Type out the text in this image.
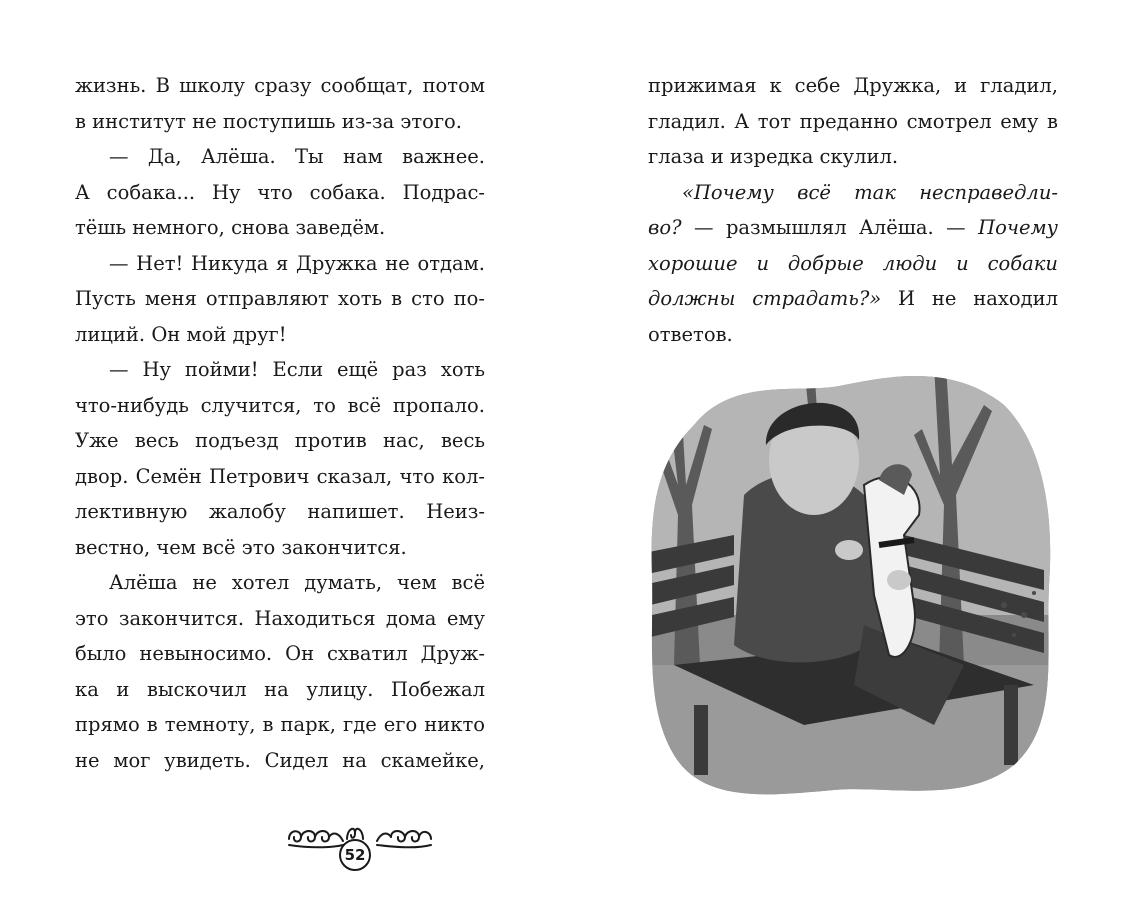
жизнь. В школу сразу сообщат, потом
в институт не поступишь из-за этого.
— Да, Алёша. Ты нам важнее.
А собака... Ну что собака. Подрас-
тёшь немного, снова заведём.
— Нет! Никуда я Дружка не отдам.
Пусть меня отправляют хоть в сто по-
лиций. Он мой друг!
— Ну пойми! Если ещё раз хоть
что-нибудь случится, то всё пропало.
Уже весь подъезд против нас, весь
двор. Семён Петрович сказал, что кол-
лективную жалобу напишет. Неиз-
вестно, чем всё это закончится.
Алёша не хотел думать, чем всё
это закончится. Находиться дома ему
было невыносимо. Он схватил Друж-
ка и выскочил на улицу. Побежал
прямо в темноту, в парк, где его никто
не мог увидеть. Сидел на скамейке,
52
прижимая к себе Дружка, и гладил,
гладил. А тот преданно смотрел ему в
глаза и изредка скулил.
«Почему всё так несправедли-
во? — размышлял Алёша. — Почему
хорошие и добрые люди и собаки
должны страдать?» И не находил
ответов.
